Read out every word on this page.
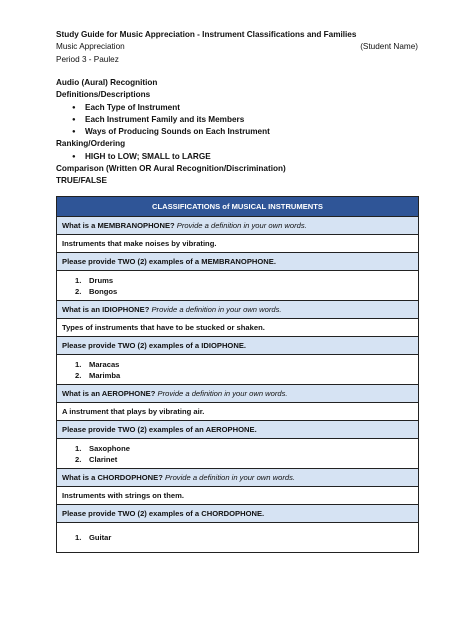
Study Guide for Music Appreciation - Instrument Classifications and Families
Music Appreciation	(Student Name)
Period 3 - Paulez
Audio (Aural) Recognition
Definitions/Descriptions
● Each Type of Instrument
● Each Instrument Family and its Members
● Ways of Producing Sounds on Each Instrument
Ranking/Ordering
● HIGH to LOW; SMALL to LARGE
Comparison (Written OR Aural Recognition/Discrimination)
TRUE/FALSE
CLASSIFICATIONS of MUSICAL INSTRUMENTS
What is a MEMBRANOPHONE? Provide a definition in your own words.
Instruments that make noises by vibrating.
Please provide TWO (2) examples of a MEMBRANOPHONE.

1. Drums
2. Bongos

What is an IDIOPHONE? Provide a definition in your own words.
Types of instruments that have to be stucked or shaken.
Please provide TWO (2) examples of a IDIOPHONE.

1. Maracas
2. Marimba

What is an AEROPHONE? Provide a definition in your own words.
A instrument that plays by vibrating air.
Please provide TWO (2) examples of an AEROPHONE.

1. Saxophone
2. Clarinet

What is a CHORDOPHONE? Provide a definition in your own words.
Instruments with strings on them.
Please provide TWO (2) examples of a CHORDOPHONE.

1. Guitar
